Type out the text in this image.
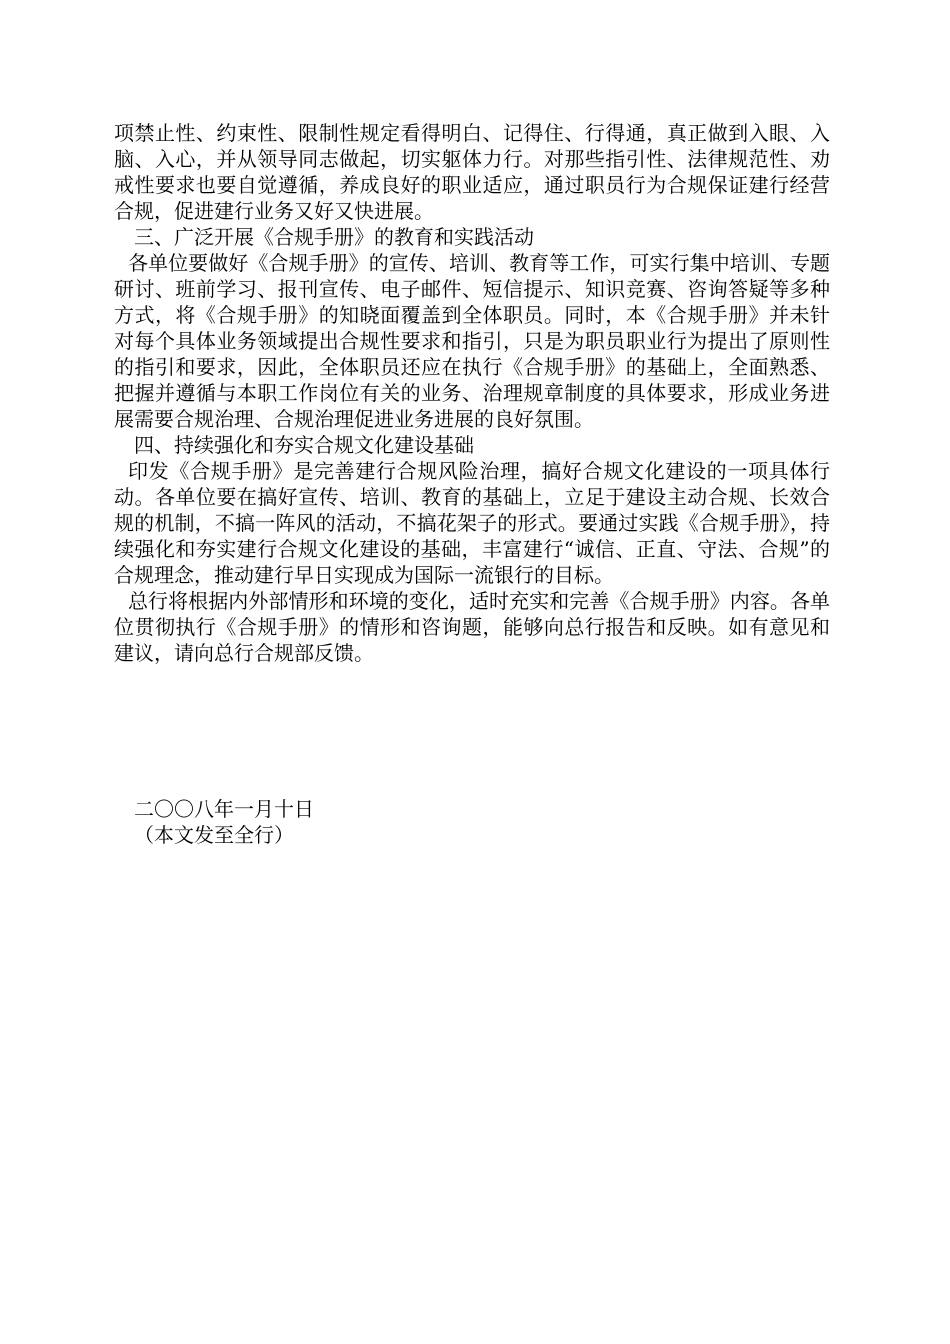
项禁止性、约束性、限制性规定看得明白、记得住、行得通，真正做到入眼、入脑、入心，并从领导同志做起，切实躯体力行。对那些指引性、法律规范性、劝戒性要求也要自觉遵循，养成良好的职业适应，通过职员行为合规保证建行经营合规，促进建行业务又好又快进展。

三、广泛开展《合规手册》的教育和实践活动

各单位要做好《合规手册》的宣传、培训、教育等工作，可实行集中培训、专题研讨、班前学习、报刊宣传、电子邮件、短信提示、知识竞赛、咨询答疑等多种方式，将《合规手册》的知晓面覆盖到全体职员。同时，本《合规手册》并未针对每个具体业务领域提出合规性要求和指引，只是为职员职业行为提出了原则性的指引和要求，因此，全体职员还应在执行《合规手册》的基础上，全面熟悉、把握并遵循与本职工作岗位有关的业务、治理规章制度的具体要求，形成业务进展需要合规治理、合规治理促进业务进展的良好氛围。

四、持续强化和夯实合规文化建设基础

印发《合规手册》是完善建行合规风险治理，搞好合规文化建设的一项具体行动。各单位要在搞好宣传、培训、教育的基础上，立足于建设主动合规、长效合规的机制，不搞一阵风的活动，不搞花架子的形式。要通过实践《合规手册》，持续强化和夯实建行合规文化建设的基础，丰富建行“诚信、正直、守法、合规”的合规理念，推动建行早日实现成为国际一流银行的目标。

总行将根据内外部情形和环境的变化，适时充实和完善《合规手册》内容。各单位贯彻执行《合规手册》的情形和咨询题，能够向总行报告和反映。如有意见和建议，请向总行合规部反馈。

二〇〇八年一月十日

（本文发至全行）
